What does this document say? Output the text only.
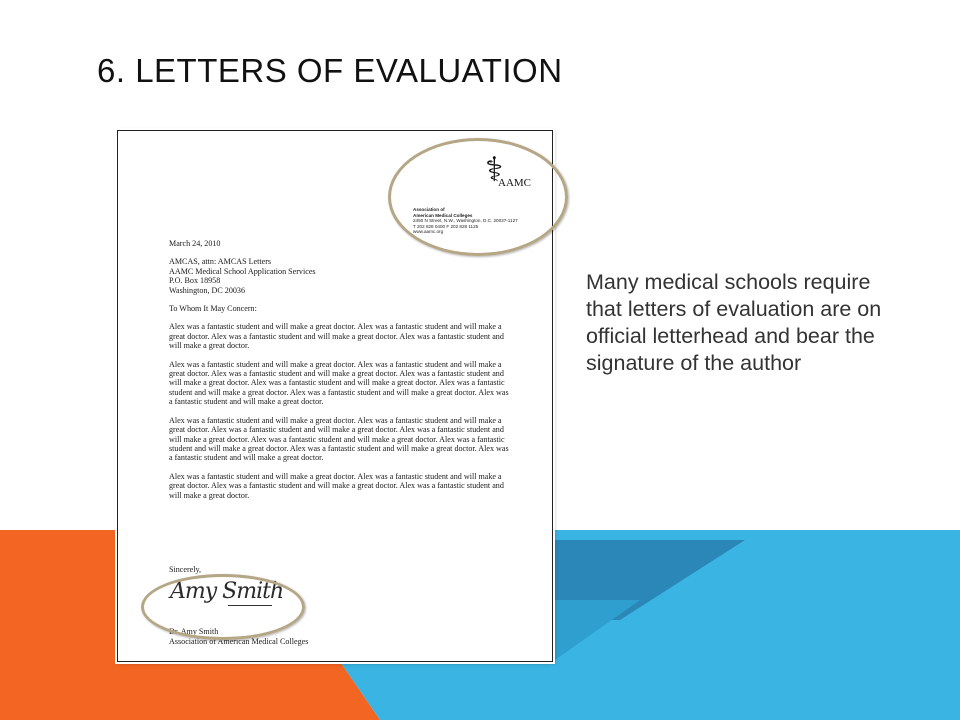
6. LETTERS OF EVALUATION
⚕
AAMC
Association of
American Medical Colleges
2450 N Street, N.W., Washington, D.C. 20037-1127
T 202 828 0400 F 202 828 1125
www.aamc.org

March 24, 2010

AMCAS, attn: AMCAS Letters
AAMC Medical School Application Services
P.O. Box 18958
Washington, DC 20036

To Whom It May Concern:

Alex was a fantastic student and will make a great doctor. Alex was a fantastic student and will make a great doctor. Alex was a fantastic student and will make a great doctor. Alex was a fantastic student and will make a great doctor.

Alex was a fantastic student and will make a great doctor. Alex was a fantastic student and will make a great doctor. Alex was a fantastic student and will make a great doctor. Alex was a fantastic student and will make a great doctor. Alex was a fantastic student and will make a great doctor. Alex was a fantastic student and will make a great doctor. Alex was a fantastic student and will make a great doctor. Alex was a fantastic student and will make a great doctor.

Alex was a fantastic student and will make a great doctor. Alex was a fantastic student and will make a great doctor. Alex was a fantastic student and will make a great doctor. Alex was a fantastic student and will make a great doctor. Alex was a fantastic student and will make a great doctor. Alex was a fantastic student and will make a great doctor. Alex was a fantastic student and will make a great doctor. Alex was a fantastic student and will make a great doctor.

Alex was a fantastic student and will make a great doctor. Alex was a fantastic student and will make a great doctor. Alex was a fantastic student and will make a great doctor. Alex was a fantastic student and will make a great doctor.

Sincerely,
Amy Smith
Dr. Amy Smith
Association of American Medical Colleges
Many medical schools require that letters of evaluation are on official letterhead and bear the signature of the author
